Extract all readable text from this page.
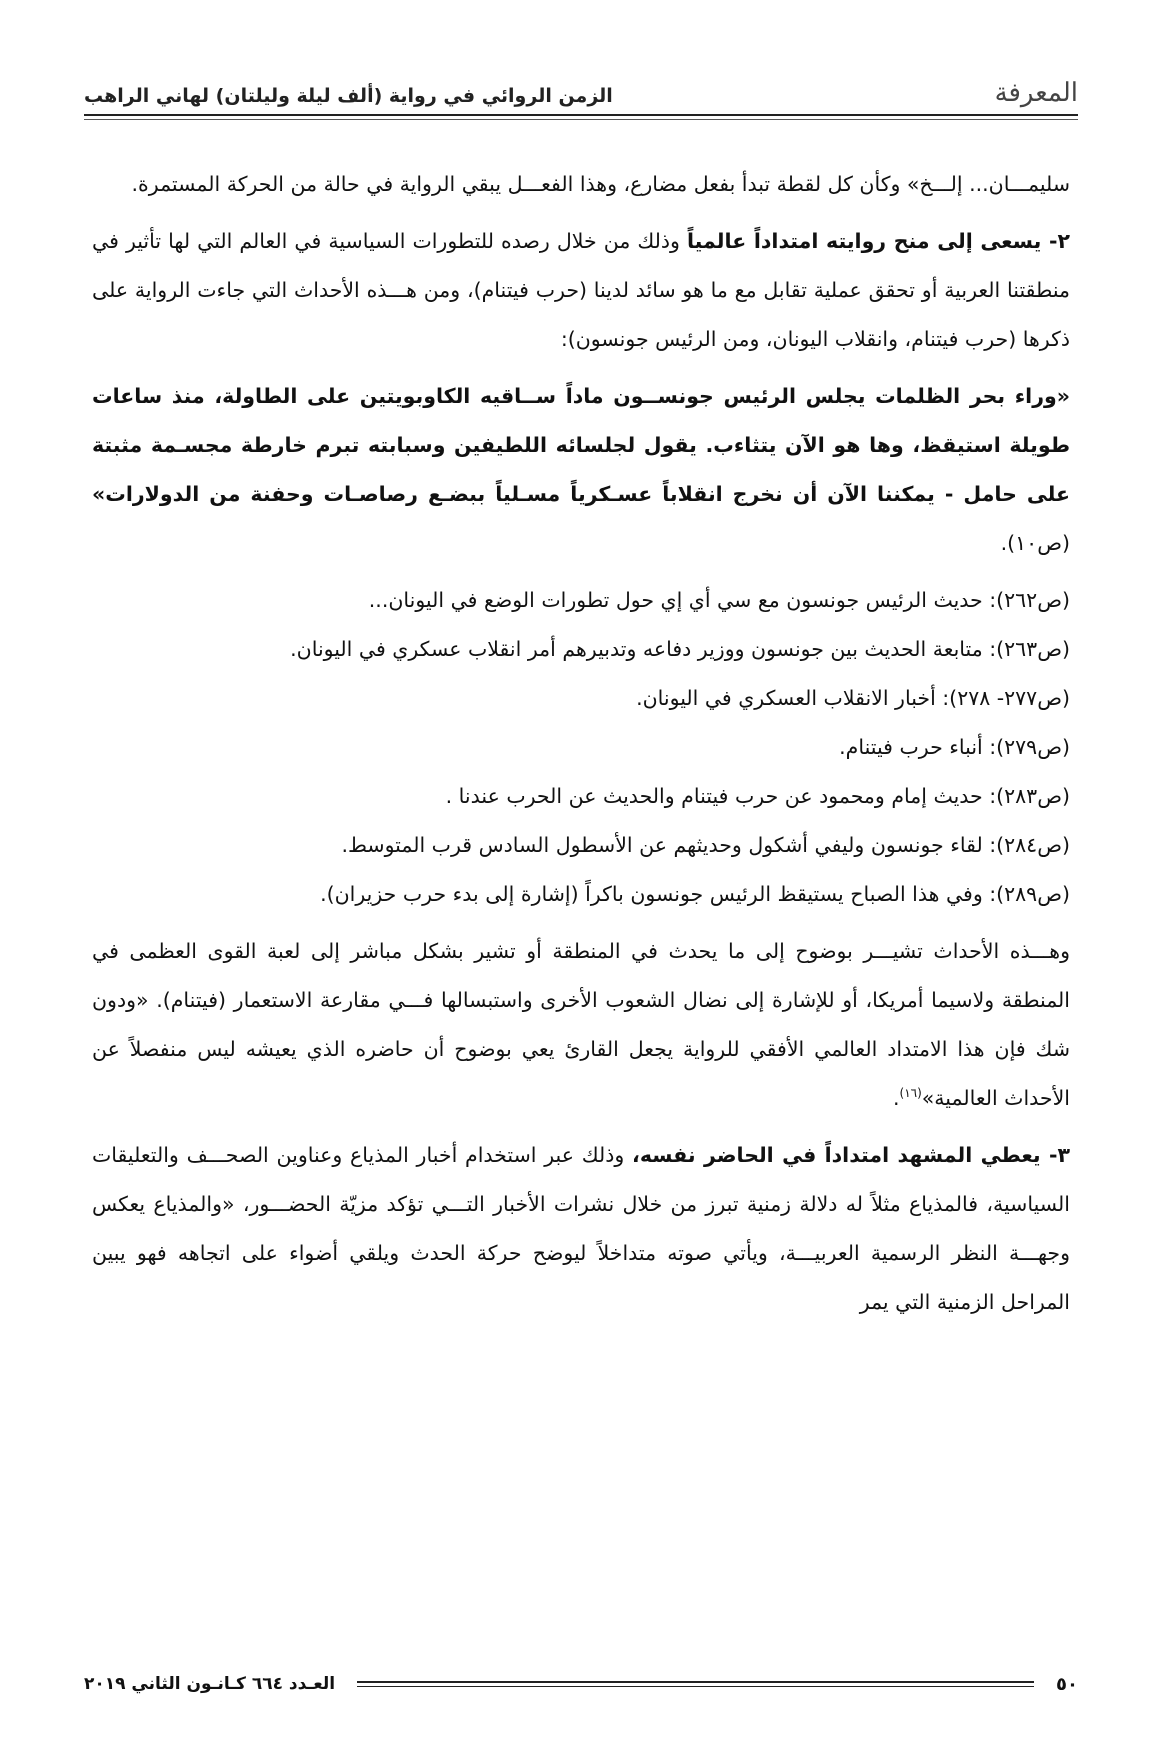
المعرفة
الزمن الروائي في رواية (ألف ليلة وليلتان) لهاني الراهب

سليمـــان... إلـــخ» وكأن كل لقطة تبدأ بفعل مضارع، وهذا الفعـــل يبقي الرواية في حالة من الحركة المستمرة.

٢- يسعى إلى منح روايته امتداداً عالمياً وذلك من خلال رصده للتطورات السياسية في العالم التي لها تأثير في منطقتنا العربية أو تحقق عملية تقابل مع ما هو سائد لدينا (حرب فيتنام)، ومن هـــذه الأحداث التي جاءت الرواية على ذكرها (حرب فيتنام، وانقلاب اليونان، ومن الرئيس جونسون):

«وراء بحر الظلمات يجلس الرئيس جونســون ماداً ســاقيه الكاوبويتين على الطاولة، منذ ساعات طويلة استيقظ، وها هو الآن يتثاءب. يقول لجلسائه اللطيفين وسبابته تبرم خارطة مجسـمة مثبتة على حامل - يمكننا الآن أن نخرج انقلاباً عسـكرياً مسـلياً ببضـع رصاصـات وحفنة من الدولارات» (ص١٠).

(ص٢٦٢): حديث الرئيس جونسون مع سي أي إي حول تطورات الوضع في اليونان...

(ص٢٦٣): متابعة الحديث بين جونسون ووزير دفاعه وتدبيرهم أمر انقلاب عسكري في اليونان.

(ص٢٧٧- ٢٧٨): أخبار الانقلاب العسكري في اليونان.

(ص٢٧٩): أنباء حرب فيتنام.

(ص٢٨٣): حديث إمام ومحمود عن حرب فيتنام والحديث عن الحرب عندنا .

(ص٢٨٤): لقاء جونسون وليفي أشكول وحديثهم عن الأسطول السادس قرب المتوسط.

(ص٢٨٩): وفي هذا الصباح يستيقظ الرئيس جونسون باكراً (إشارة إلى بدء حرب حزيران).

وهـــذه الأحداث تشيـــر بوضوح إلى ما يحدث في المنطقة أو تشير بشكل مباشر إلى لعبة القوى العظمى في المنطقة ولاسيما أمريكا، أو للإشارة إلى نضال الشعوب الأخرى واستبسالها فـــي مقارعة الاستعمار (فيتنام). «ودون شك فإن هذا الامتداد العالمي الأفقي للرواية يجعل القارئ يعي بوضوح أن حاضره الذي يعيشه ليس منفصلاً عن الأحداث العالمية»$^{(١٦)}$.

٣- يعطي المشهد امتداداً في الحاضر نفسه، وذلك عبر استخدام أخبار المذياع وعناوين الصحـــف والتعليقات السياسية، فالمذياع مثلاً له دلالة زمنية تبرز من خلال نشرات الأخبار التـــي تؤكد مزيّة الحضـــور، «والمذياع يعكس وجهـــة النظر الرسمية العربيـــة، ويأتي صوته متداخلاً ليوضح حركة الحدث ويلقي أضواء على اتجاهه فهو يبين المراحل الزمنية التي يمر

٥٠
العـدد ٦٦٤ كـانـون الثاني ٢٠١٩
